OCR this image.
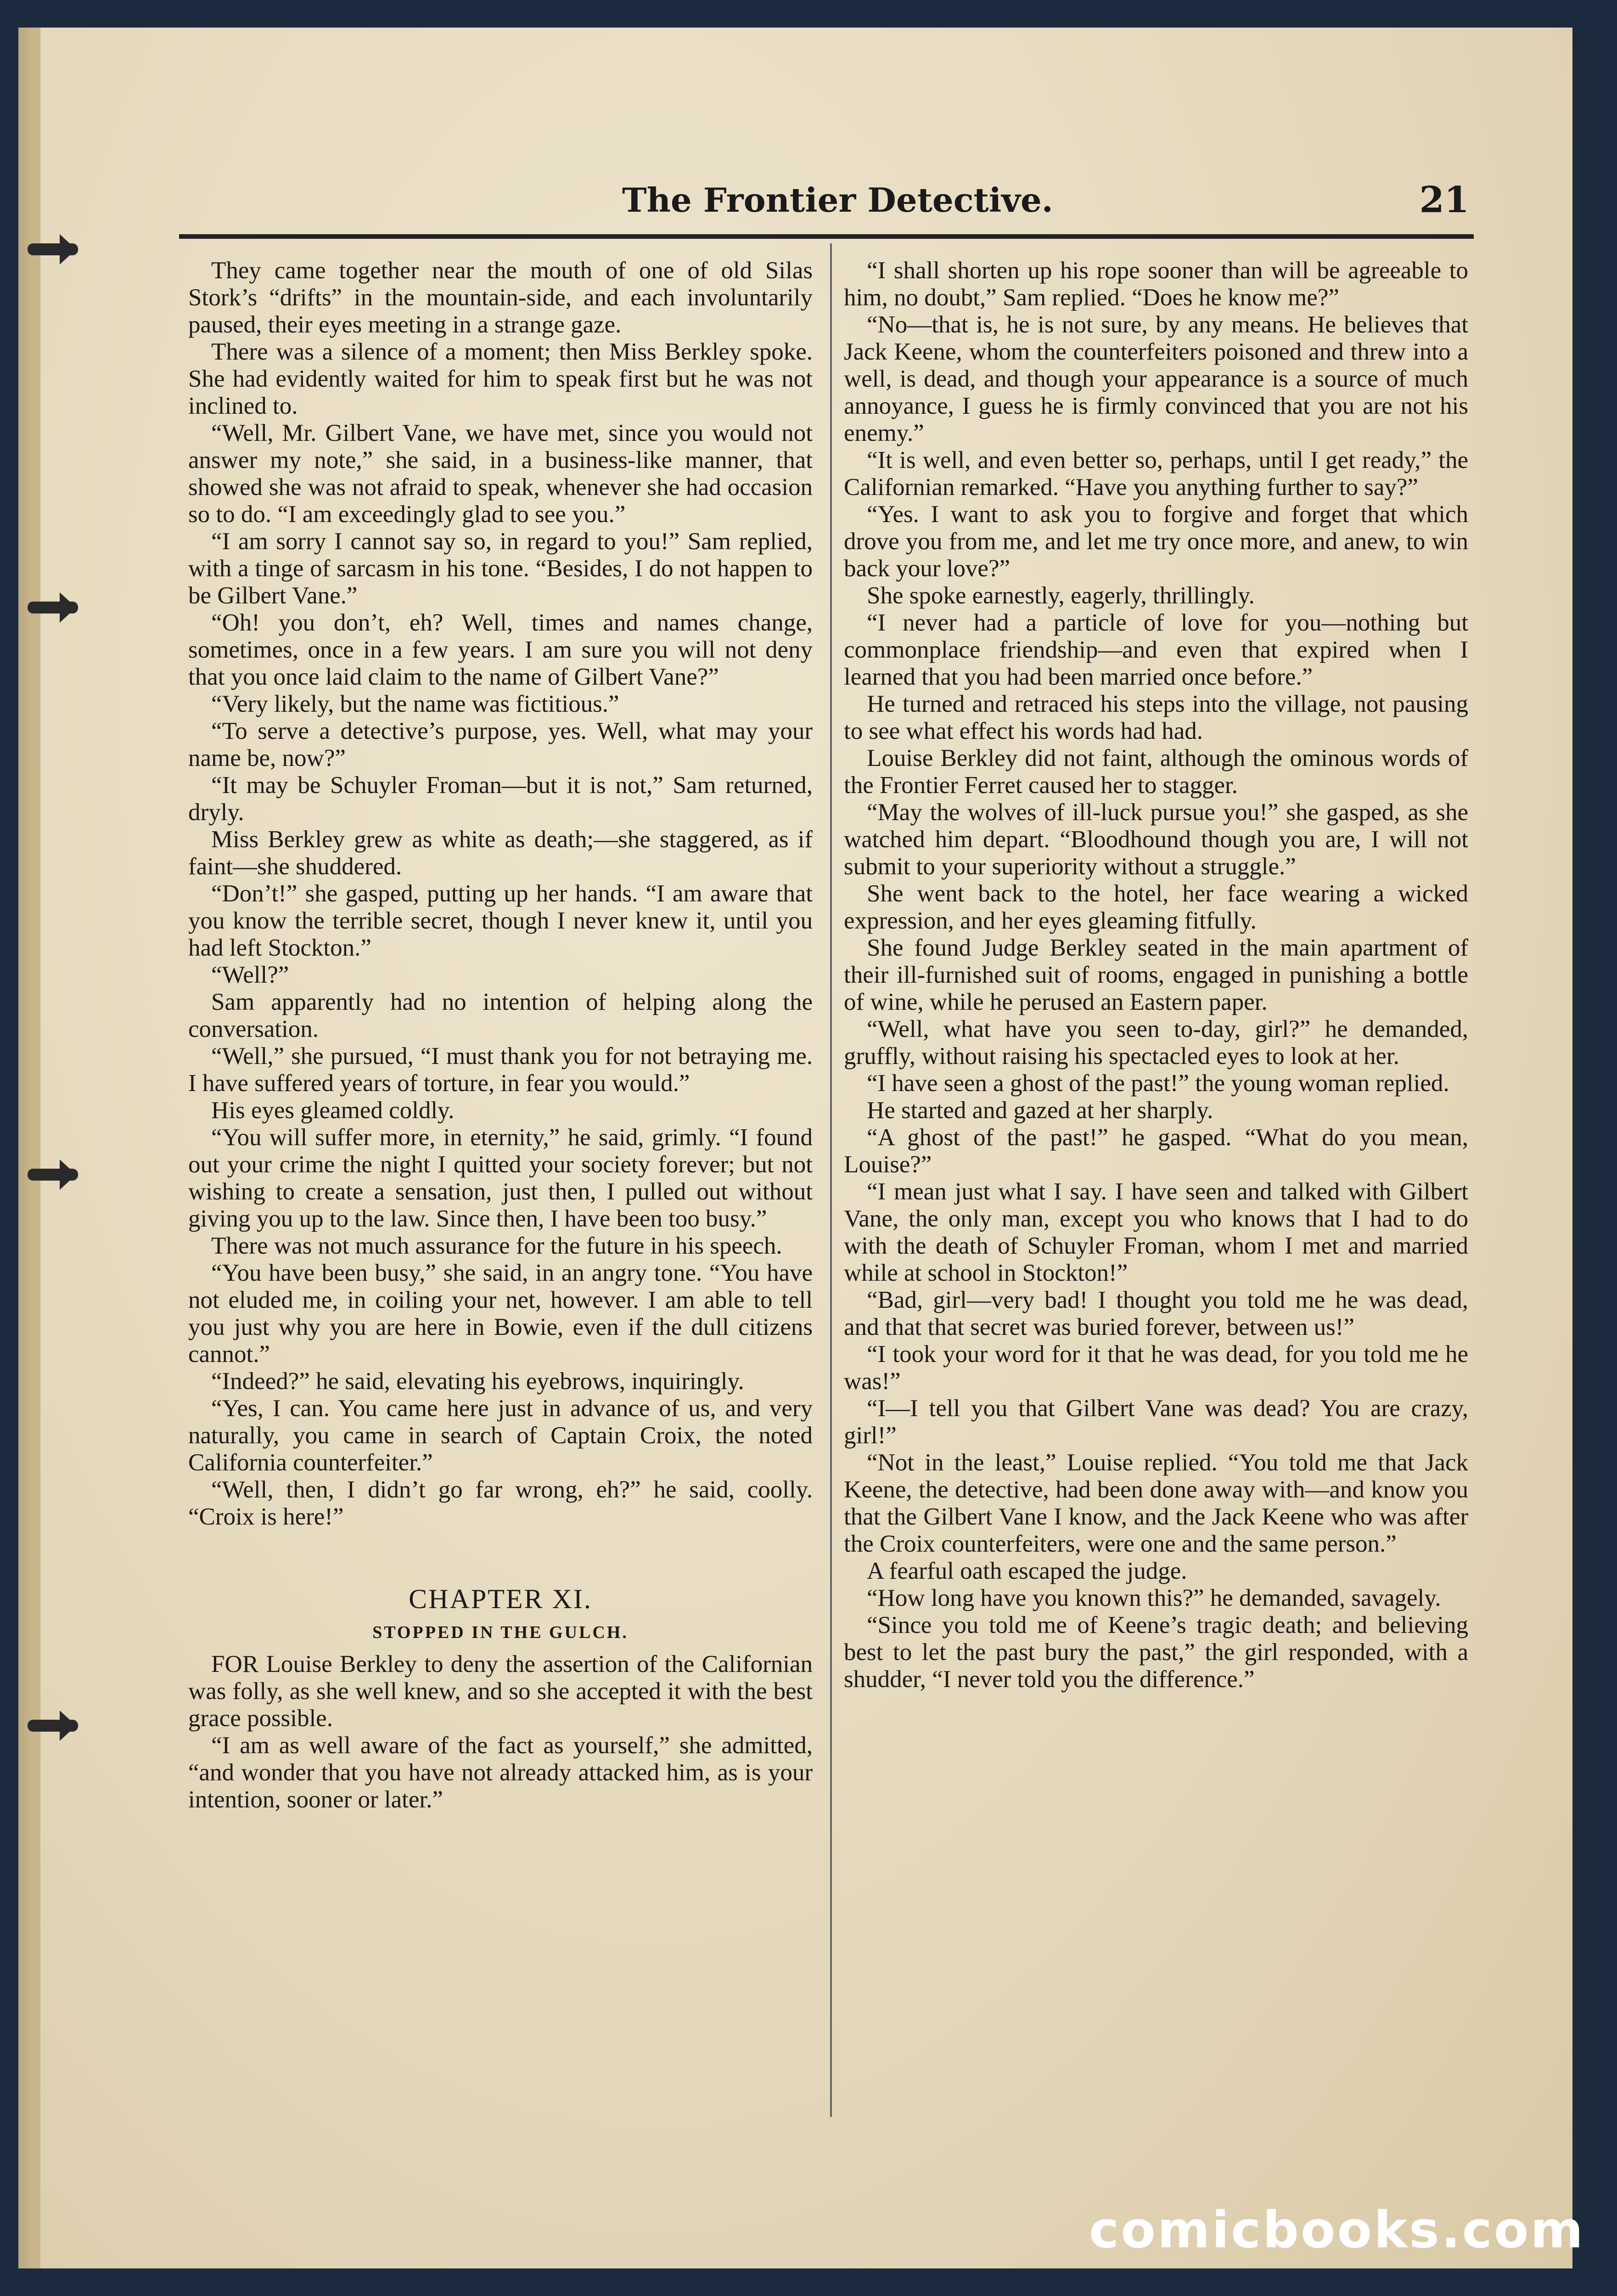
The Frontier Detective.	21

They came together near the mouth of one of old Silas Stork’s “drifts” in the mountain-side, and each involuntarily paused, their eyes meeting in a strange gaze.

There was a silence of a moment; then Miss Berkley spoke. She had evidently waited for him to speak first but he was not inclined to.

“Well, Mr. Gilbert Vane, we have met, since you would not answer my note,” she said, in a business-like manner, that showed she was not afraid to speak, whenever she had occasion so to do. “I am exceedingly glad to see you.”

“I am sorry I cannot say so, in regard to you!” Sam replied, with a tinge of sarcasm in his tone. “Besides, I do not happen to be Gilbert Vane.”

“Oh! you don’t, eh? Well, times and names change, sometimes, once in a few years. I am sure you will not deny that you once laid claim to the name of Gilbert Vane?”

“Very likely, but the name was fictitious.”

“To serve a detective’s purpose, yes. Well, what may your name be, now?”

“It may be Schuyler Froman—but it is not,” Sam returned, dryly.

Miss Berkley grew as white as death;—she staggered, as if faint—she shuddered.

“Don’t!” she gasped, putting up her hands. “I am aware that you know the terrible secret, though I never knew it, until you had left Stockton.”

“Well?”

Sam apparently had no intention of helping along the conversation.

“Well,” she pursued, “I must thank you for not betraying me. I have suffered years of torture, in fear you would.”

His eyes gleamed coldly.

“You will suffer more, in eternity,” he said, grimly. “I found out your crime the night I quitted your society forever; but not wishing to create a sensation, just then, I pulled out without giving you up to the law. Since then, I have been too busy.”

There was not much assurance for the future in his speech.

“You have been busy,” she said, in an angry tone. “You have not eluded me, in coiling your net, however. I am able to tell you just why you are here in Bowie, even if the dull citizens cannot.”

“Indeed?” he said, elevating his eyebrows, inquiringly.

“Yes, I can. You came here just in advance of us, and very naturally, you came in search of Captain Croix, the noted California counterfeiter.”

“Well, then, I didn’t go far wrong, eh?” he said, coolly. “Croix is here!”

CHAPTER XI.
STOPPED IN THE GULCH.

FOR Louise Berkley to deny the assertion of the Californian was folly, as she well knew, and so she accepted it with the best grace possible.

“I am as well aware of the fact as yourself,” she admitted, “and wonder that you have not already attacked him, as is your intention, sooner or later.”

“I shall shorten up his rope sooner than will be agreeable to him, no doubt,” Sam replied. “Does he know me?”

“No—that is, he is not sure, by any means. He believes that Jack Keene, whom the counterfeiters poisoned and threw into a well, is dead, and though your appearance is a source of much annoyance, I guess he is firmly convinced that you are not his enemy.”

“It is well, and even better so, perhaps, until I get ready,” the Californian remarked. “Have you anything further to say?”

“Yes. I want to ask you to forgive and forget that which drove you from me, and let me try once more, and anew, to win back your love?”

She spoke earnestly, eagerly, thrillingly.

“I never had a particle of love for you—nothing but commonplace friendship—and even that expired when I learned that you had been married once before.”

He turned and retraced his steps into the village, not pausing to see what effect his words had had.

Louise Berkley did not faint, although the ominous words of the Frontier Ferret caused her to stagger.

“May the wolves of ill-luck pursue you!” she gasped, as she watched him depart. “Bloodhound though you are, I will not submit to your superiority without a struggle.”

She went back to the hotel, her face wearing a wicked expression, and her eyes gleaming fitfully.

She found Judge Berkley seated in the main apartment of their ill-furnished suit of rooms, engaged in punishing a bottle of wine, while he perused an Eastern paper.

“Well, what have you seen to-day, girl?” he demanded, gruffly, without raising his spectacled eyes to look at her.

“I have seen a ghost of the past!” the young woman replied.

He started and gazed at her sharply.

“A ghost of the past!” he gasped. “What do you mean, Louise?”

“I mean just what I say. I have seen and talked with Gilbert Vane, the only man, except you who knows that I had to do with the death of Schuyler Froman, whom I met and married while at school in Stockton!”

“Bad, girl—very bad! I thought you told me he was dead, and that that secret was buried forever, between us!”

“I took your word for it that he was dead, for you told me he was!”

“I—I tell you that Gilbert Vane was dead? You are crazy, girl!”

“Not in the least,” Louise replied. “You told me that Jack Keene, the detective, had been done away with—and know you that the Gilbert Vane I know, and the Jack Keene who was after the Croix counterfeiters, were one and the same person.”

A fearful oath escaped the judge.

“How long have you known this?” he demanded, savagely.

“Since you told me of Keene’s tragic death; and believing best to let the past bury the past,” the girl responded, with a shudder, “I never told you the difference.”

comicbooks.com
